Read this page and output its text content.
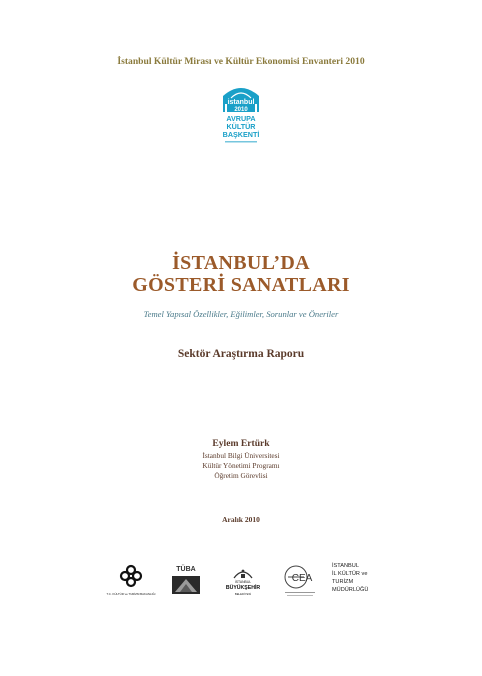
İstanbul Kültür Mirası ve Kültür Ekonomisi Envanteri 2010
istanbul
2010
AVRUPA
KÜLTÜR
BAŞKENTİ
İSTANBUL’DA
GÖSTERİ SANATLARI
Temel Yapısal Özellikler, Eğilimler, Sorunlar ve Öneriler
Sektör Araştırma Raporu
Eylem Ertürk
İstanbul Bilgi Üniversitesi
Kültür Yönetimi Programı
Öğretim Görevlisi
Aralık 2010
T.C. KÜLTÜR ve TURİZM BAKANLIĞI
TÜBA
İSTANBUL
BÜYÜKŞEHİR
BELEDİYESİ
CEA
İSTANBUL
İL KÜLTÜR ve
TURİZM
MÜDÜRLÜĞÜ
